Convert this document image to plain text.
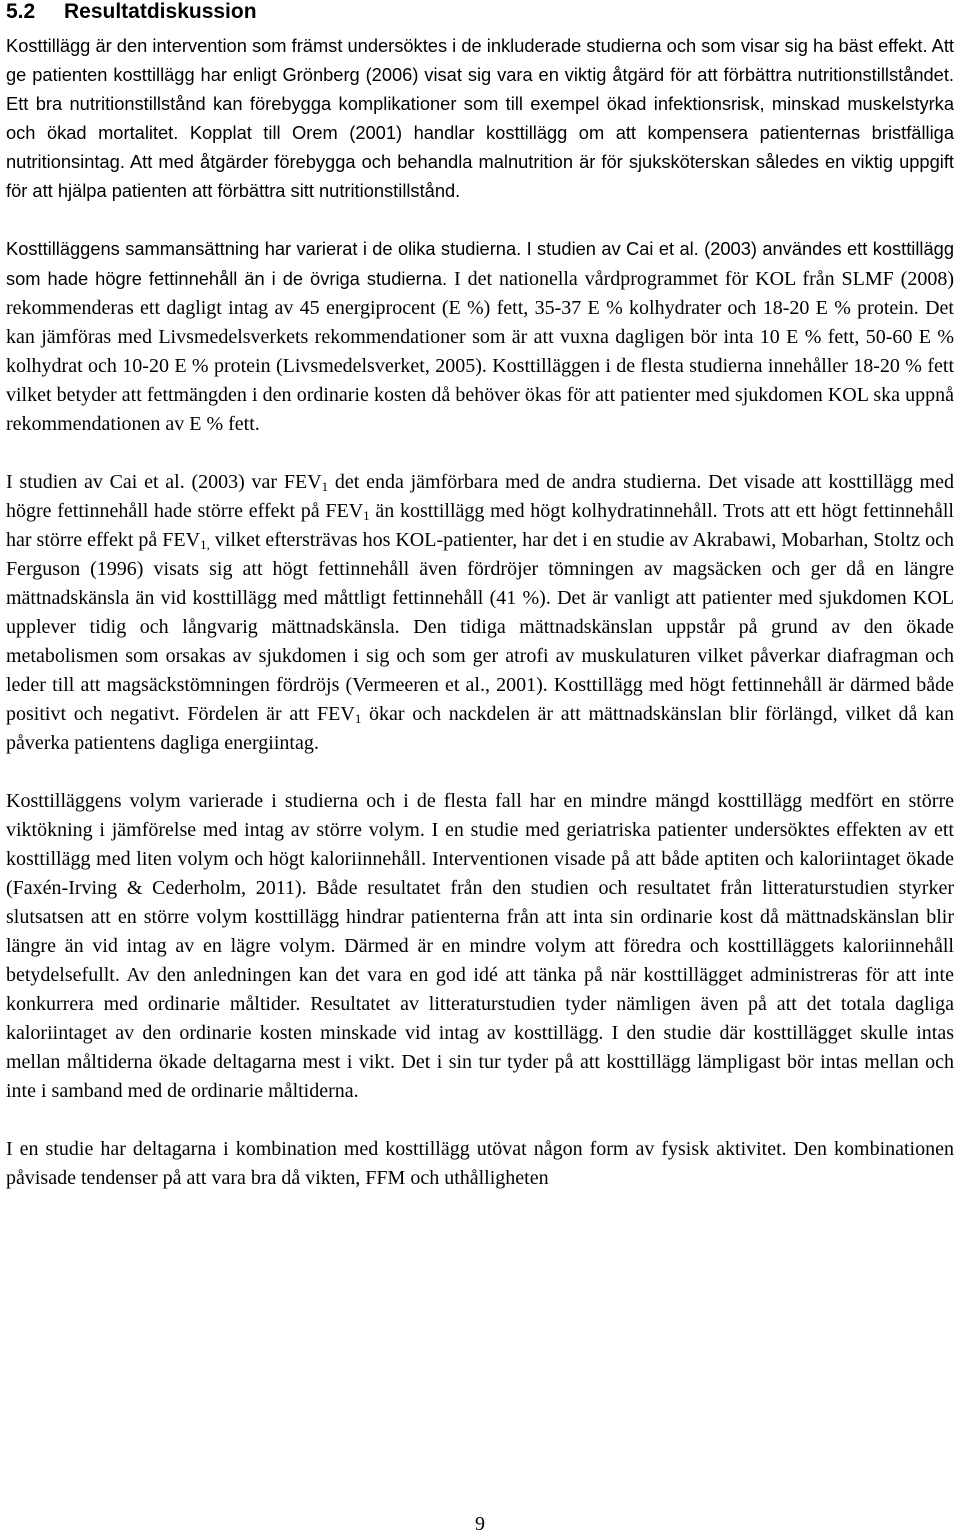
5.2 Resultatdiskussion

Kosttillägg är den intervention som främst undersöktes i de inkluderade studierna och som visar sig ha bäst effekt. Att ge patienten kosttillägg har enligt Grönberg (2006) visat sig vara en viktig åtgärd för att förbättra nutritionstillståndet. Ett bra nutritionstillstånd kan förebygga komplikationer som till exempel ökad infektionsrisk, minskad muskelstyrka och ökad mortalitet. Kopplat till Orem (2001) handlar kosttillägg om att kompensera patienternas bristfälliga nutritionsintag. Att med åtgärder förebygga och behandla malnutrition är för sjuksköterskan således en viktig uppgift för att hjälpa patienten att förbättra sitt nutritionstillstånd.

Kosttilläggens sammansättning har varierat i de olika studierna. I studien av Cai et al. (2003) användes ett kosttillägg som hade högre fettinnehåll än i de övriga studierna. I det nationella vårdprogrammet för KOL från SLMF (2008) rekommenderas ett dagligt intag av 45 energiprocent (E %) fett, 35-37 E % kolhydrater och 18-20 E % protein. Det kan jämföras med Livsmedelsverkets rekommendationer som är att vuxna dagligen bör inta 10 E % fett, 50-60 E % kolhydrat och 10-20 E % protein (Livsmedelsverket, 2005). Kosttilläggen i de flesta studierna innehåller 18-20 % fett vilket betyder att fettmängden i den ordinarie kosten då behöver ökas för att patienter med sjukdomen KOL ska uppnå rekommendationen av E % fett.

I studien av Cai et al. (2003) var $FEV_1$ det enda jämförbara med de andra studierna. Det visade att kosttillägg med högre fettinnehåll hade större effekt på $FEV_1$ än kosttillägg med högt kolhydratinnehåll. Trots att ett högt fettinnehåll har större effekt på $FEV_{1,}$ vilket eftersträvas hos KOL-patienter, har det i en studie av Akrabawi, Mobarhan, Stoltz och Ferguson (1996) visats sig att högt fettinnehåll även fördröjer tömningen av magsäcken och ger då en längre mättnadskänsla än vid kosttillägg med måttligt fettinnehåll (41 %). Det är vanligt att patienter med sjukdomen KOL upplever tidig och långvarig mättnadskänsla. Den tidiga mättnadskänslan uppstår på grund av den ökade metabolismen som orsakas av sjukdomen i sig och som ger atrofi av muskulaturen vilket påverkar diafragman och leder till att magsäckstömningen fördröjs (Vermeeren et al., 2001). Kosttillägg med högt fettinnehåll är därmed både positivt och negativt. Fördelen är att $FEV_1$ ökar och nackdelen är att mättnadskänslan blir förlängd, vilket då kan påverka patientens dagliga energiintag.

Kosttilläggens volym varierade i studierna och i de flesta fall har en mindre mängd kosttillägg medfört en större viktökning i jämförelse med intag av större volym. I en studie med geriatriska patienter undersöktes effekten av ett kosttillägg med liten volym och högt kaloriinnehåll. Interventionen visade på att både aptiten och kaloriintaget ökade (Faxén-Irving & Cederholm, 2011). Både resultatet från den studien och resultatet från litteraturstudien styrker slutsatsen att en större volym kosttillägg hindrar patienterna från att inta sin ordinarie kost då mättnadskänslan blir längre än vid intag av en lägre volym. Därmed är en mindre volym att föredra och kosttilläggets kaloriinnehåll betydelsefullt. Av den anledningen kan det vara en god idé att tänka på när kosttillägget administreras för att inte konkurrera med ordinarie måltider. Resultatet av litteraturstudien tyder nämligen även på att det totala dagliga kaloriintaget av den ordinarie kosten minskade vid intag av kosttillägg. I den studie där kosttillägget skulle intas mellan måltiderna ökade deltagarna mest i vikt. Det i sin tur tyder på att kosttillägg lämpligast bör intas mellan och inte i samband med de ordinarie måltiderna.

I en studie har deltagarna i kombination med kosttillägg utövat någon form av fysisk aktivitet. Den kombinationen påvisade tendenser på att vara bra då vikten, FFM och uthålligheten

9
